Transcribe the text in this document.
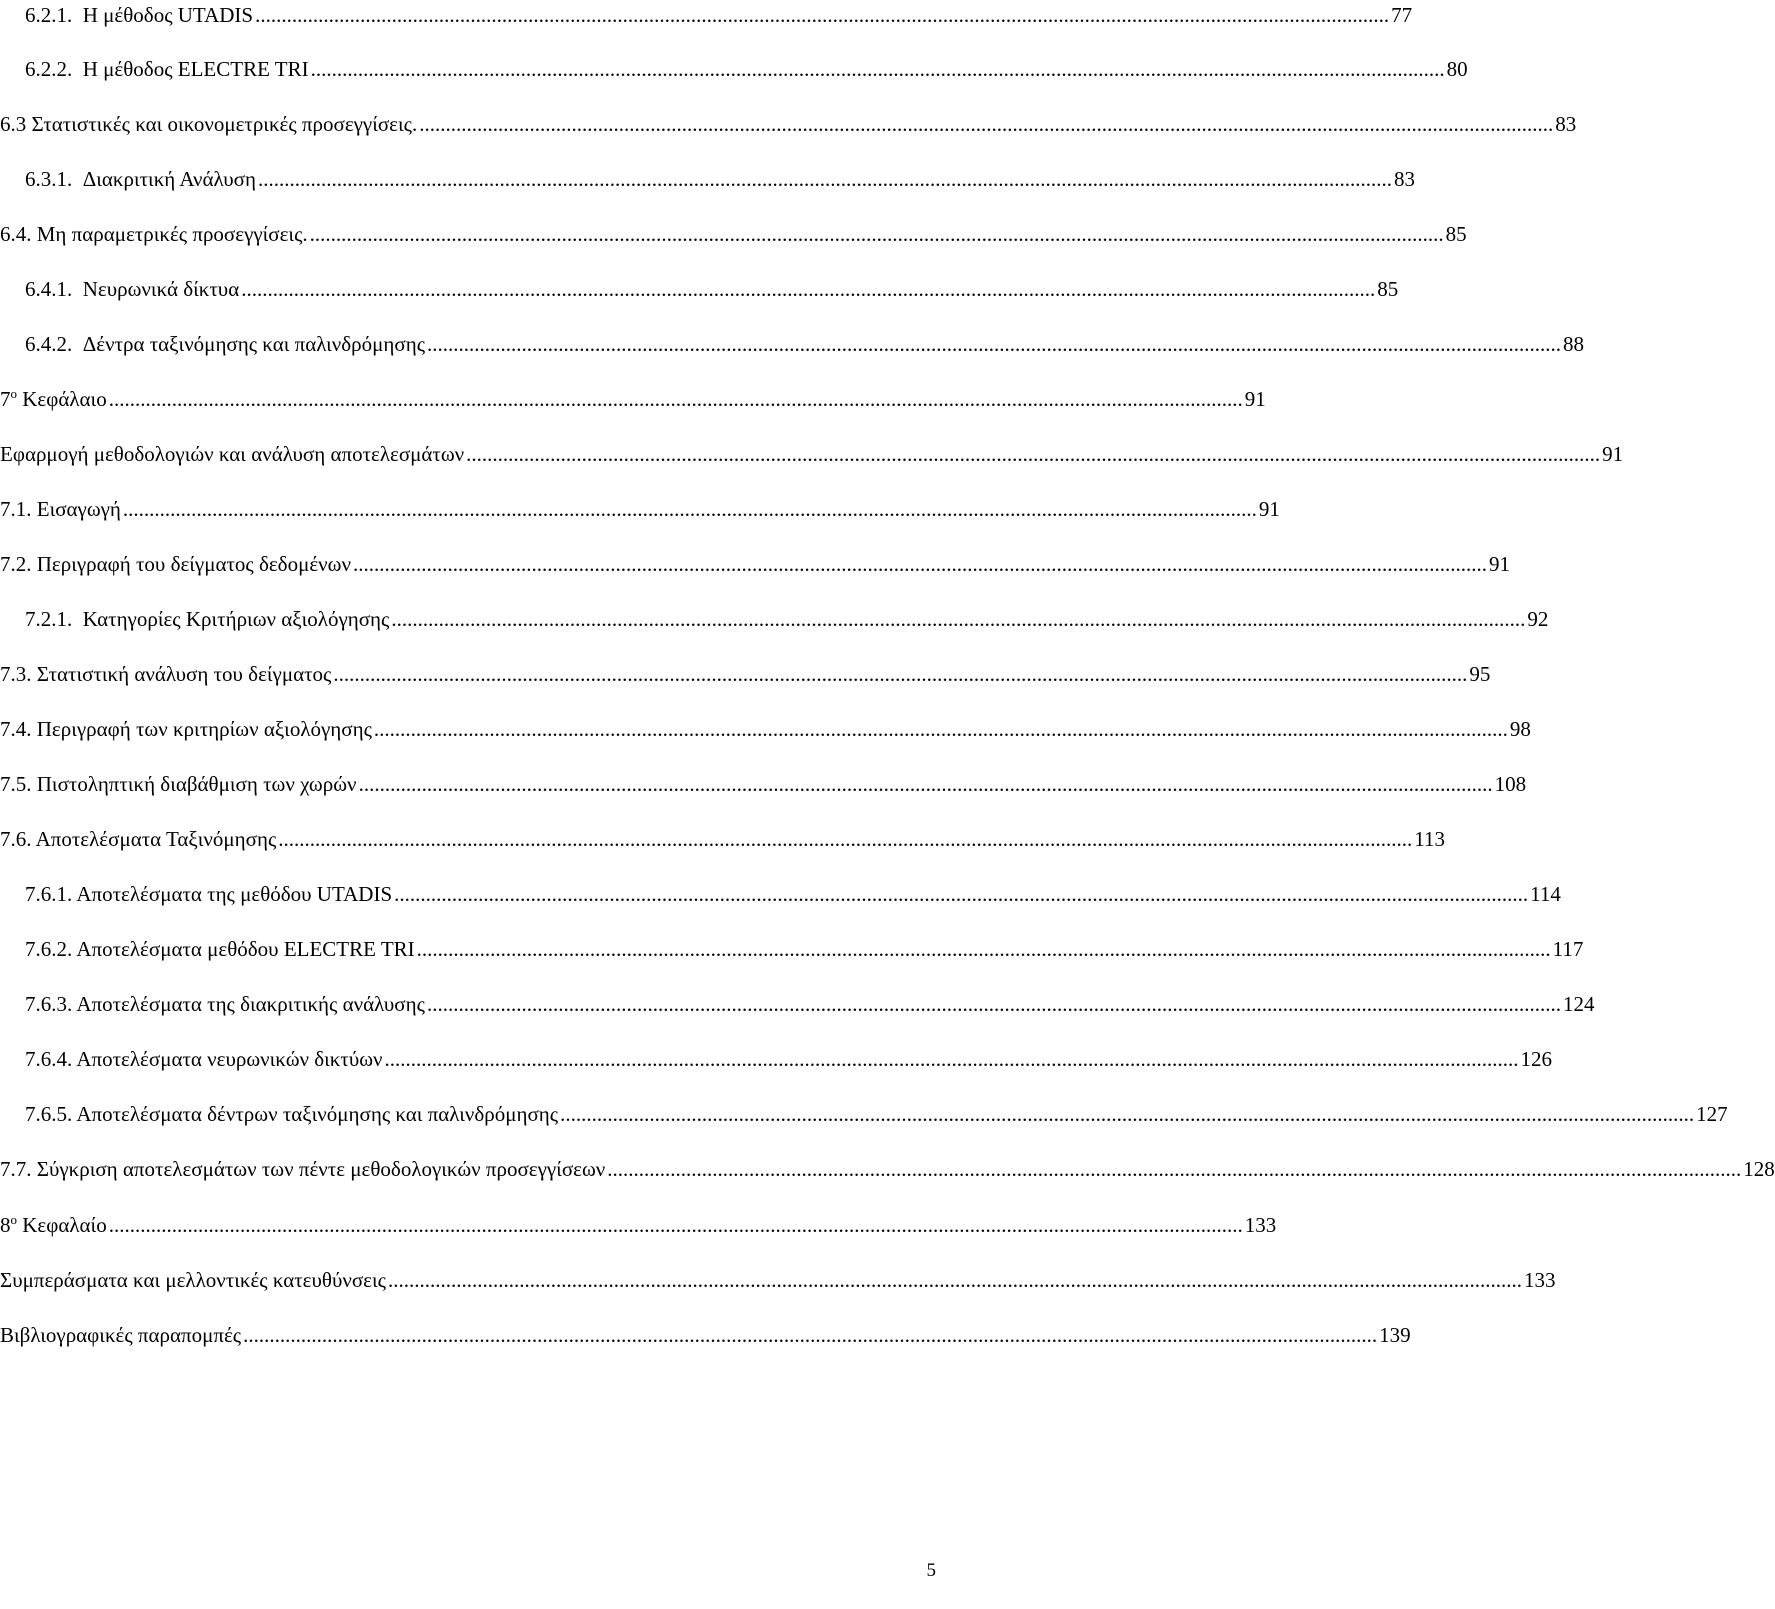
6.2.1.  Η μέθοδος UTADIS ........................................................................................................................................................................................................................ 77
6.2.2.  Η μέθοδος ELECTRE TRI ........................................................................................................................................................................................................................ 80
6.3 Στατιστικές και οικονομετρικές προσεγγίσεις. ........................................................................................................................................................................................................................ 83
6.3.1.  Διακριτική Ανάλυση ........................................................................................................................................................................................................................ 83
6.4. Μη παραμετρικές προσεγγίσεις. ........................................................................................................................................................................................................................ 85
6.4.1.  Νευρωνικά δίκτυα ........................................................................................................................................................................................................................ 85
6.4.2.  Δέντρα ταξινόμησης και παλινδρόμησης ........................................................................................................................................................................................................................ 88
$7^o$ Κεφάλαιο ........................................................................................................................................................................................................................ 91
Εφαρμογή μεθοδολογιών και ανάλυση αποτελεσμάτων ........................................................................................................................................................................................................................ 91
7.1. Εισαγωγή ........................................................................................................................................................................................................................ 91
7.2. Περιγραφή του δείγματος δεδομένων ........................................................................................................................................................................................................................ 91
7.2.1.  Κατηγορίες Κριτήριων αξιολόγησης ........................................................................................................................................................................................................................ 92
7.3. Στατιστική ανάλυση του δείγματος ........................................................................................................................................................................................................................ 95
7.4. Περιγραφή των κριτηρίων αξιολόγησης ........................................................................................................................................................................................................................ 98
7.5. Πιστοληπτική διαβάθμιση των χωρών ........................................................................................................................................................................................................................ 108
7.6. Αποτελέσματα Ταξινόμησης ........................................................................................................................................................................................................................ 113
7.6.1. Αποτελέσματα της μεθόδου UTADIS ........................................................................................................................................................................................................................ 114
7.6.2. Αποτελέσματα μεθόδου ELECTRE TRI ........................................................................................................................................................................................................................ 117
7.6.3. Αποτελέσματα της διακριτικής ανάλυσης ........................................................................................................................................................................................................................ 124
7.6.4. Αποτελέσματα νευρωνικών δικτύων ........................................................................................................................................................................................................................ 126
7.6.5. Αποτελέσματα δέντρων ταξινόμησης και παλινδρόμησης ........................................................................................................................................................................................................................ 127
7.7. Σύγκριση αποτελεσμάτων των πέντε μεθοδολογικών προσεγγίσεων ........................................................................................................................................................................................................................ 128
$8^o$ Κεφαλαίο ........................................................................................................................................................................................................................ 133
Συμπεράσματα και μελλοντικές κατευθύνσεις ........................................................................................................................................................................................................................ 133
Βιβλιογραφικές παραπομπές ........................................................................................................................................................................................................................ 139
5
